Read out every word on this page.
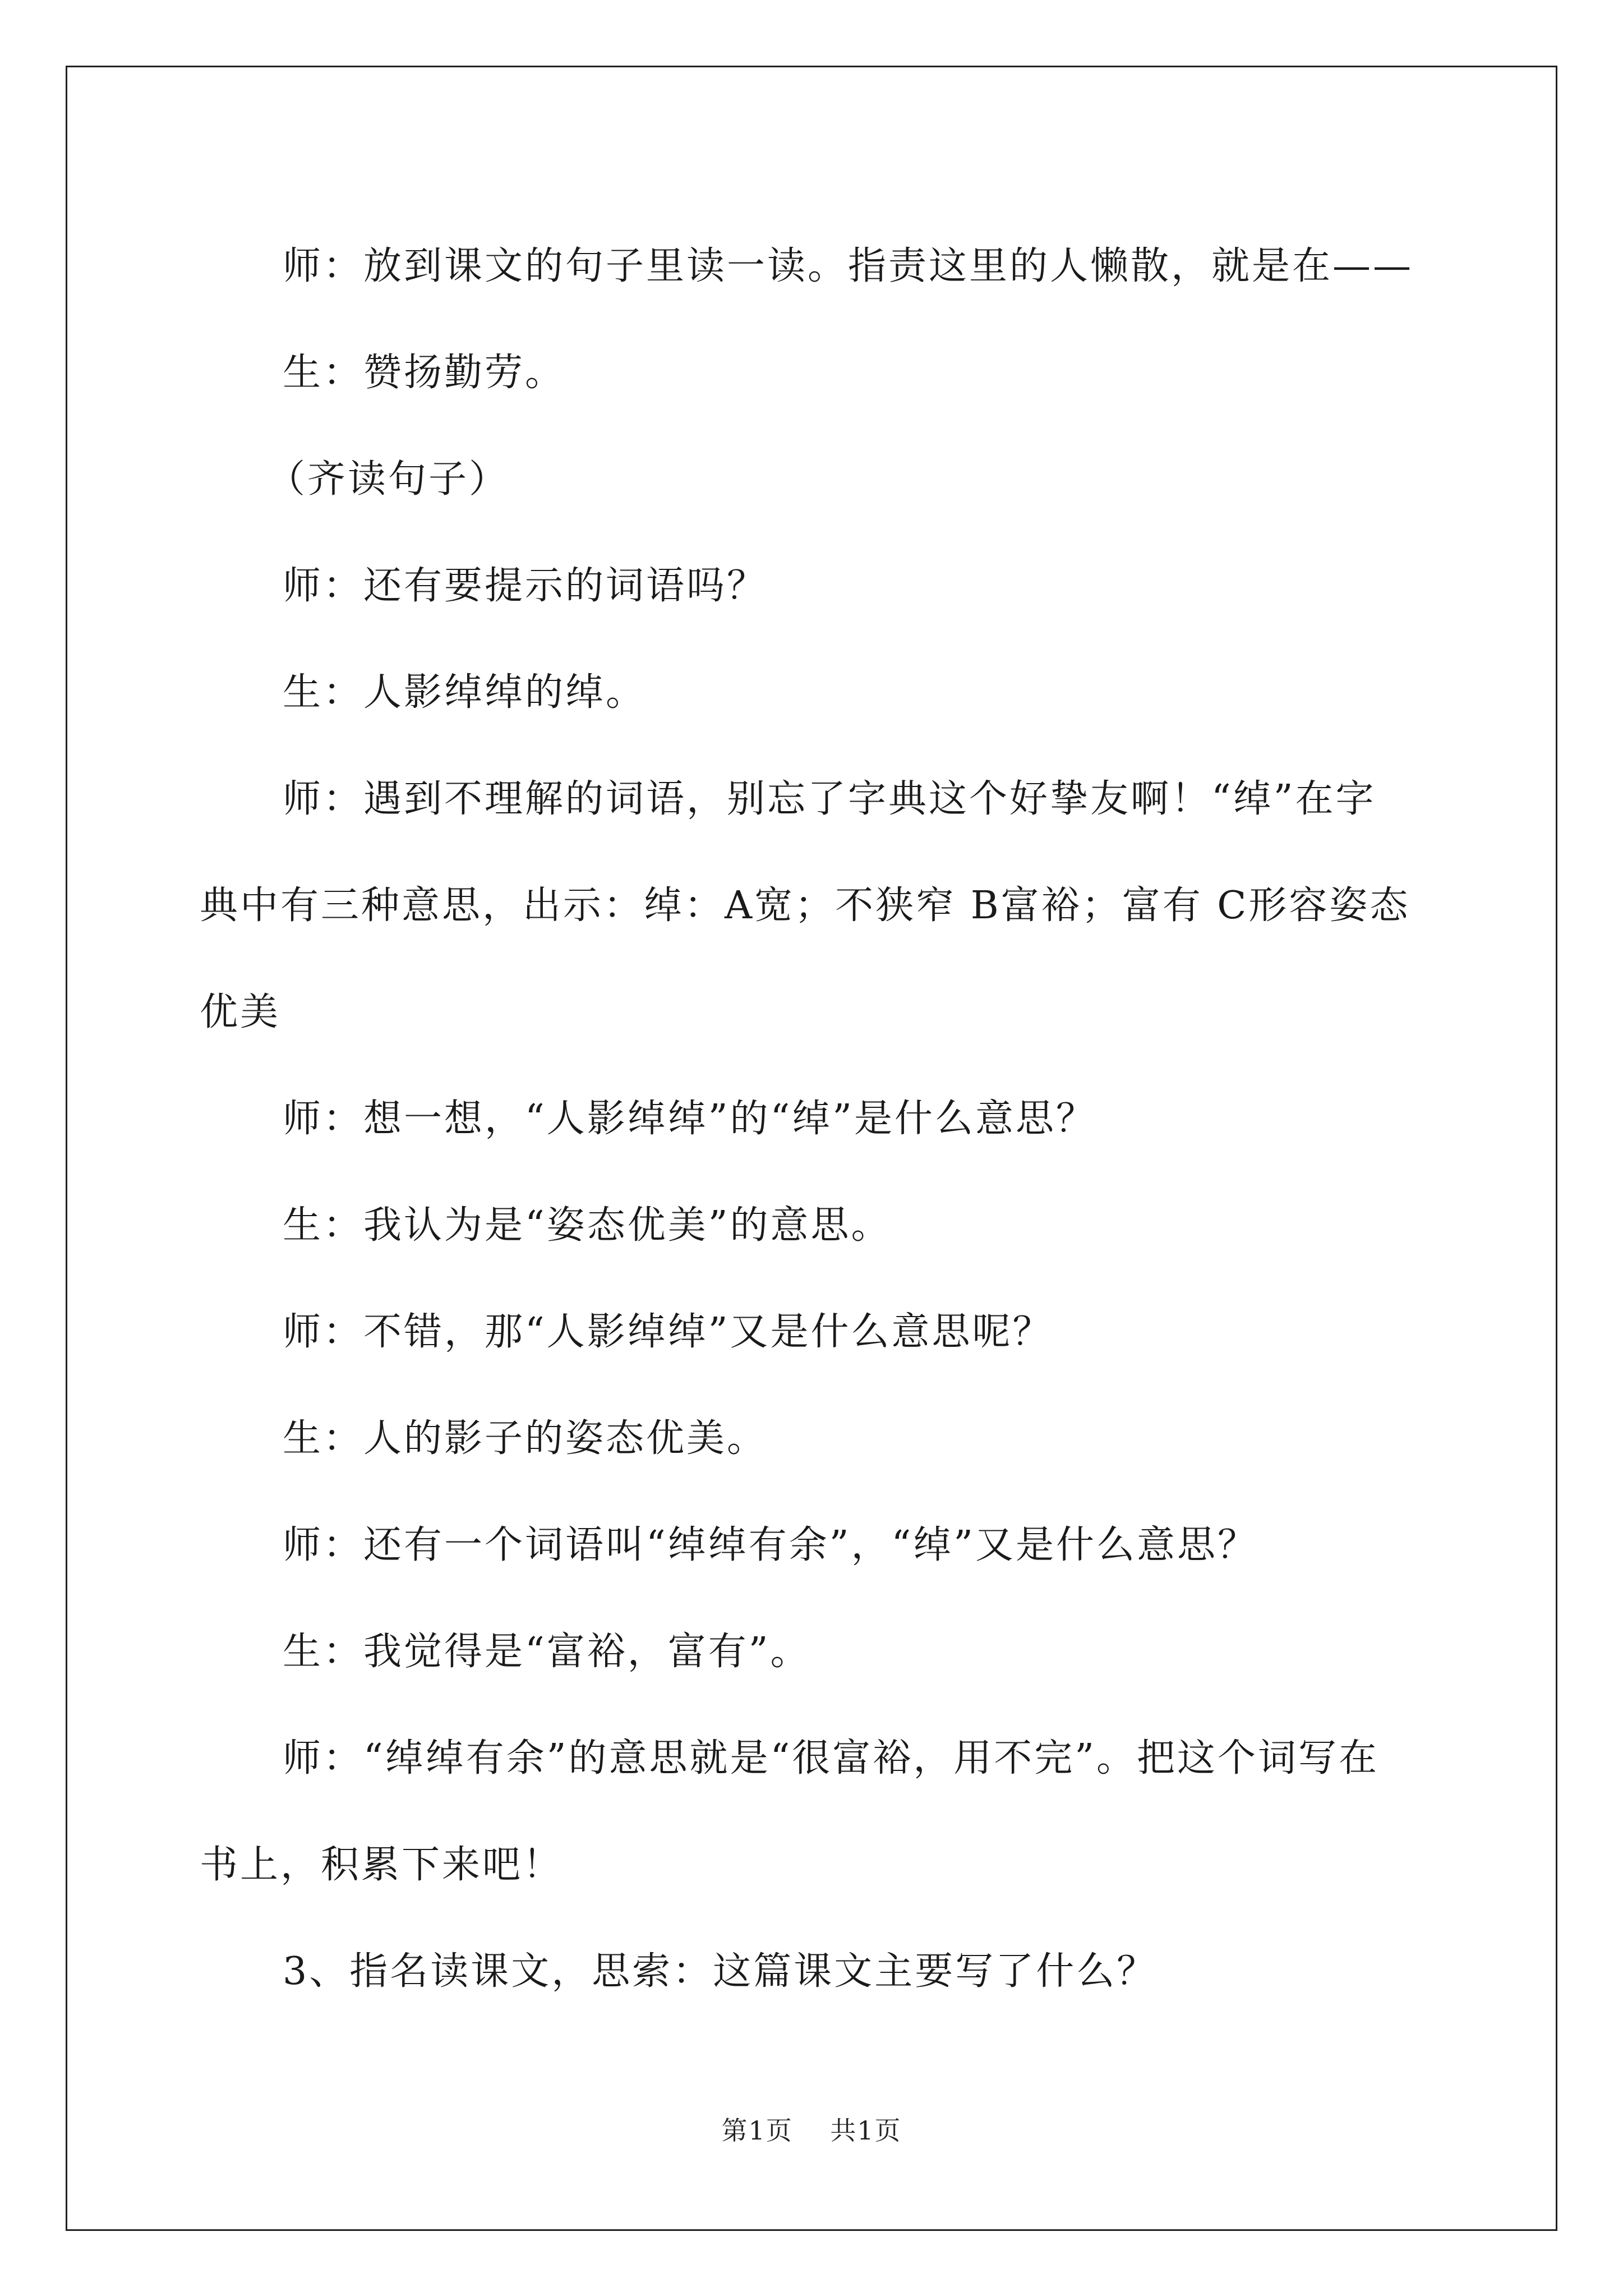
师：放到课文的句子里读一读。指责这里的人懒散，就是在——

生：赞扬勤劳。

（齐读句子）

师：还有要提示的词语吗？

生：人影绰绰的绰。

师：遇到不理解的词语，别忘了字典这个好挚友啊！“绰”在字
典中有三种意思，出示：绰：A宽；不狭窄 B富裕；富有 C形容姿态
优美

师：想一想，“人影绰绰”的“绰”是什么意思？

生：我认为是“姿态优美”的意思。

师：不错，那“人影绰绰”又是什么意思呢？

生：人的影子的姿态优美。

师：还有一个词语叫“绰绰有余”，“绰”又是什么意思？

生：我觉得是“富裕，富有”。

师：“绰绰有余”的意思就是“很富裕，用不完”。把这个词写在
书上，积累下来吧！

3、指名读课文，思索：这篇课文主要写了什么？

第1页    共1页
